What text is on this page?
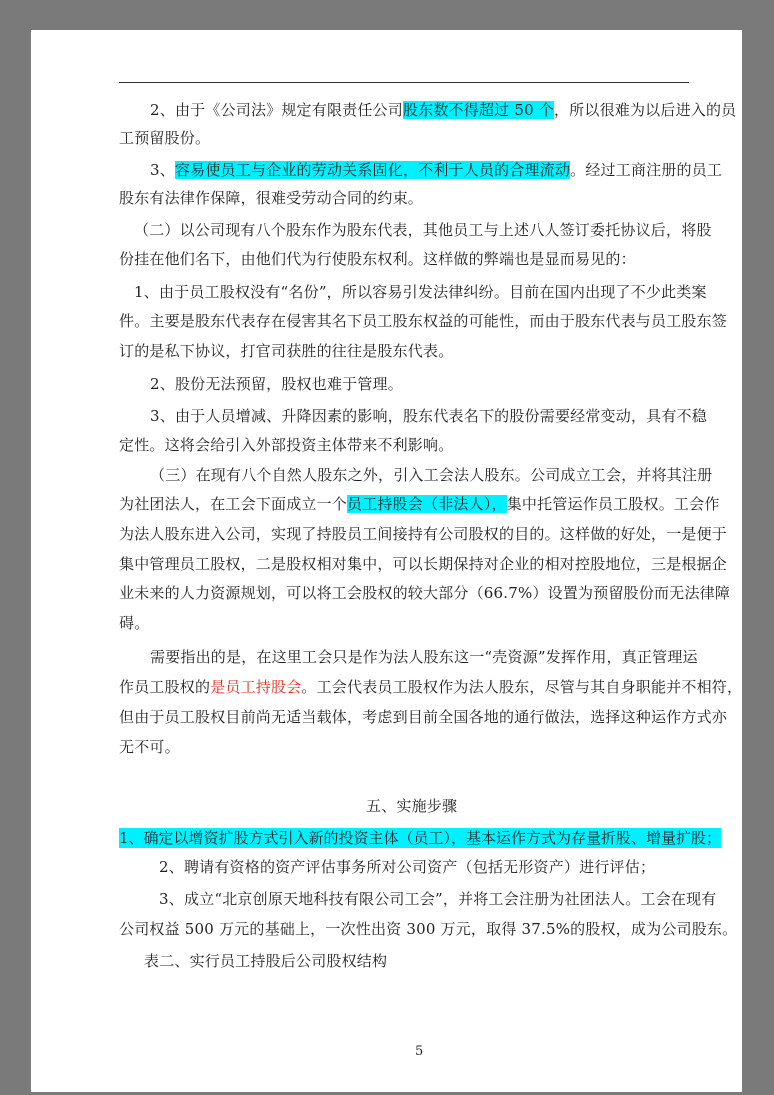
2、由于《公司法》规定有限责任公司股东数不得超过 50 个，所以很难为以后进入的员
工预留股份。
3、容易使员工与企业的劳动关系固化，不利于人员的合理流动。经过工商注册的员工
股东有法律作保障，很难受劳动合同的约束。
（二）以公司现有八个股东作为股东代表，其他员工与上述八人签订委托协议后，将股
份挂在他们名下，由他们代为行使股东权利。这样做的弊端也是显而易见的：
1、由于员工股权没有“名份”，所以容易引发法律纠纷。目前在国内出现了不少此类案
件。主要是股东代表存在侵害其名下员工股东权益的可能性，而由于股东代表与员工股东签
订的是私下协议，打官司获胜的往往是股东代表。
2、股份无法预留，股权也难于管理。
3、由于人员增减、升降因素的影响，股东代表名下的股份需要经常变动，具有不稳
定性。这将会给引入外部投资主体带来不利影响。
（三）在现有八个自然人股东之外，引入工会法人股东。公司成立工会，并将其注册
为社团法人，在工会下面成立一个员工持股会（非法人），集中托管运作员工股权。工会作
为法人股东进入公司，实现了持股员工间接持有公司股权的目的。这样做的好处，一是便于
集中管理员工股权，二是股权相对集中，可以长期保持对企业的相对控股地位，三是根据企
业未来的人力资源规划，可以将工会股权的较大部分（66.7%）设置为预留股份而无法律障
碍。
需要指出的是，在这里工会只是作为法人股东这一“壳资源”发挥作用，真正管理运
作员工股权的是员工持股会。工会代表员工股权作为法人股东，尽管与其自身职能并不相符，
但由于员工股权目前尚无适当载体，考虑到目前全国各地的通行做法，选择这种运作方式亦
无不可。
五、实施步骤
1、确定以增资扩股方式引入新的投资主体（员工），基本运作方式为存量折股、增量扩股；
2、聘请有资格的资产评估事务所对公司资产（包括无形资产）进行评估；
3、成立“北京创原天地科技有限公司工会”，并将工会注册为社团法人。工会在现有
公司权益 500 万元的基础上，一次性出资 300 万元，取得 37.5%的股权，成为公司股东。
表二、实行员工持股后公司股权结构
5
